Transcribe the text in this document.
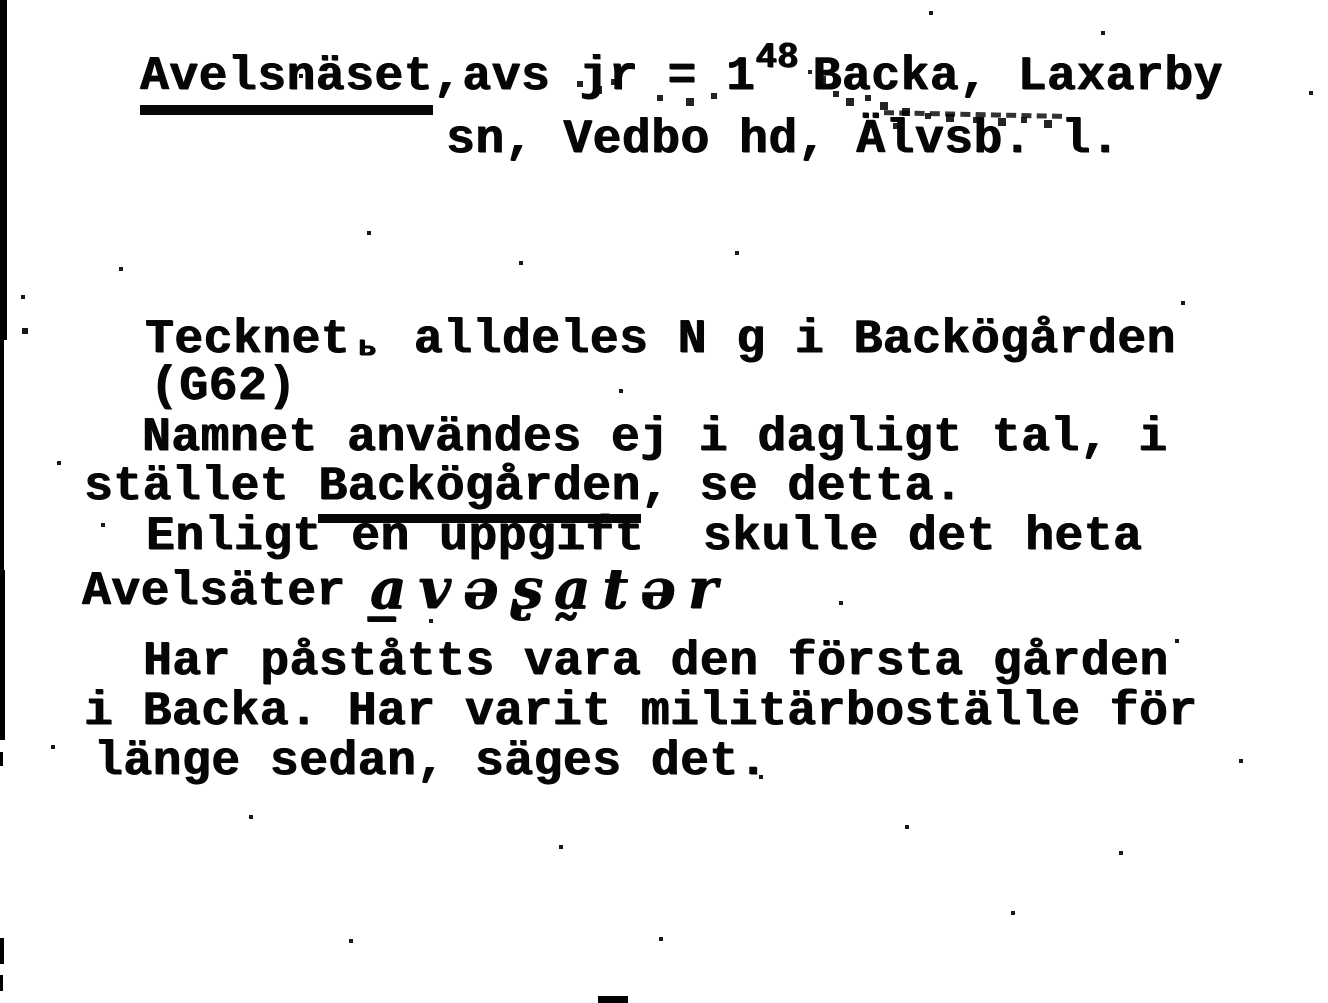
Avelsnäset,avs jr = 148 Backa, Laxarby
sn, Vedbo hd, Älvsb. l.
Tecknet ь alldeles N g i Backögården
(G62)
Namnet användes ej i dagligt tal, i
stället Backögården, se detta.
Enligt en uppgift  skulle det heta
Avelsäter a̲vəʂa̰tər
Har påståtts vara den första gården
i Backa. Har varit militärboställe för
länge sedan, säges det.
